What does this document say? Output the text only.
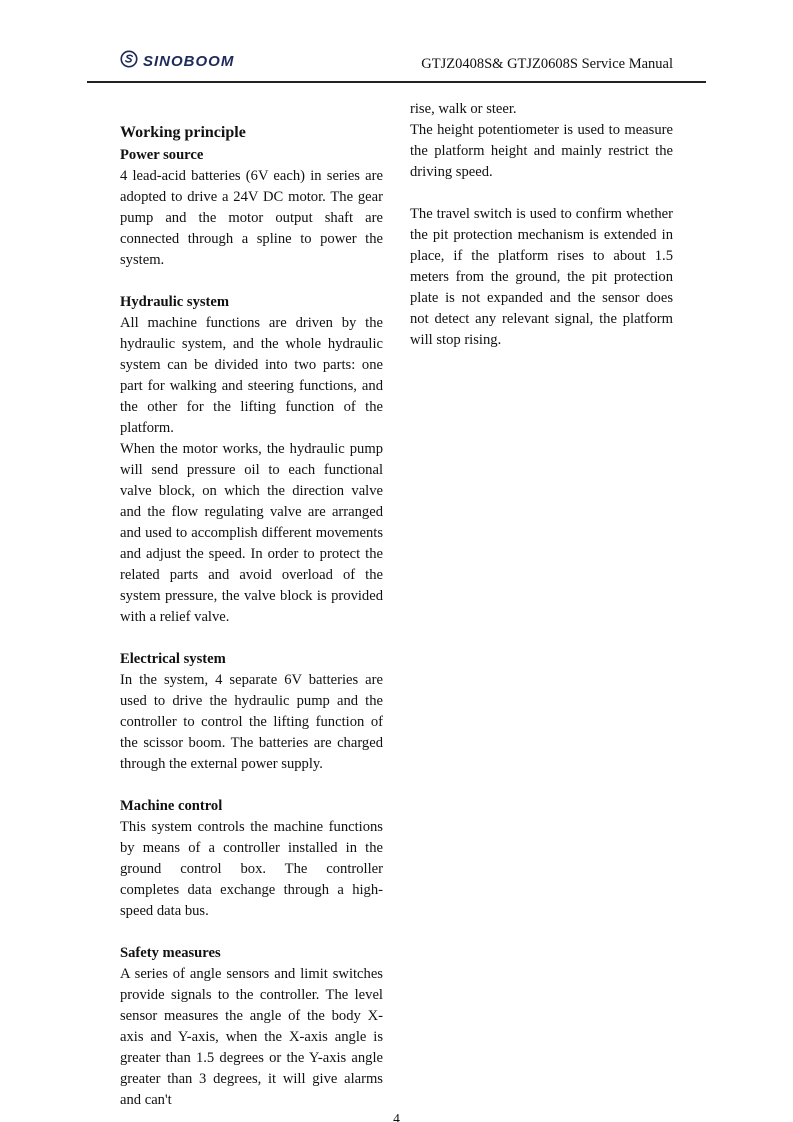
SINOBOOM	GTJZ0408S& GTJZ0608S Service Manual
Working principle
Power source
4 lead-acid batteries (6V each) in series are adopted to drive a 24V DC motor. The gear pump and the motor output shaft are connected through a spline to power the system.
Hydraulic system
All machine functions are driven by the hydraulic system, and the whole hydraulic system can be divided into two parts: one part for walking and steering functions, and the other for the lifting function of the platform.
When the motor works, the hydraulic pump will send pressure oil to each functional valve block, on which the direction valve and the flow regulating valve are arranged and used to accomplish different movements and adjust the speed. In order to protect the related parts and avoid overload of the system pressure, the valve block is provided with a relief valve.
Electrical system
In the system, 4 separate 6V batteries are used to drive the hydraulic pump and the controller to control the lifting function of the scissor boom. The batteries are charged through the external power supply.
Machine control
This system controls the machine functions by means of a controller installed in the ground control box. The controller completes data exchange through a high-speed data bus.
Safety measures
A series of angle sensors and limit switches provide signals to the controller. The level sensor measures the angle of the body X-axis and Y-axis, when the X-axis angle is greater than 1.5 degrees or the Y-axis angle greater than 3 degrees, it will give alarms and can't
rise, walk or steer.
The height potentiometer is used to measure the platform height and mainly restrict the driving speed.
The travel switch is used to confirm whether the pit protection mechanism is extended in place, if the platform rises to about 1.5 meters from the ground, the pit protection plate is not expanded and the sensor does not detect any relevant signal, the platform will stop rising.
4
